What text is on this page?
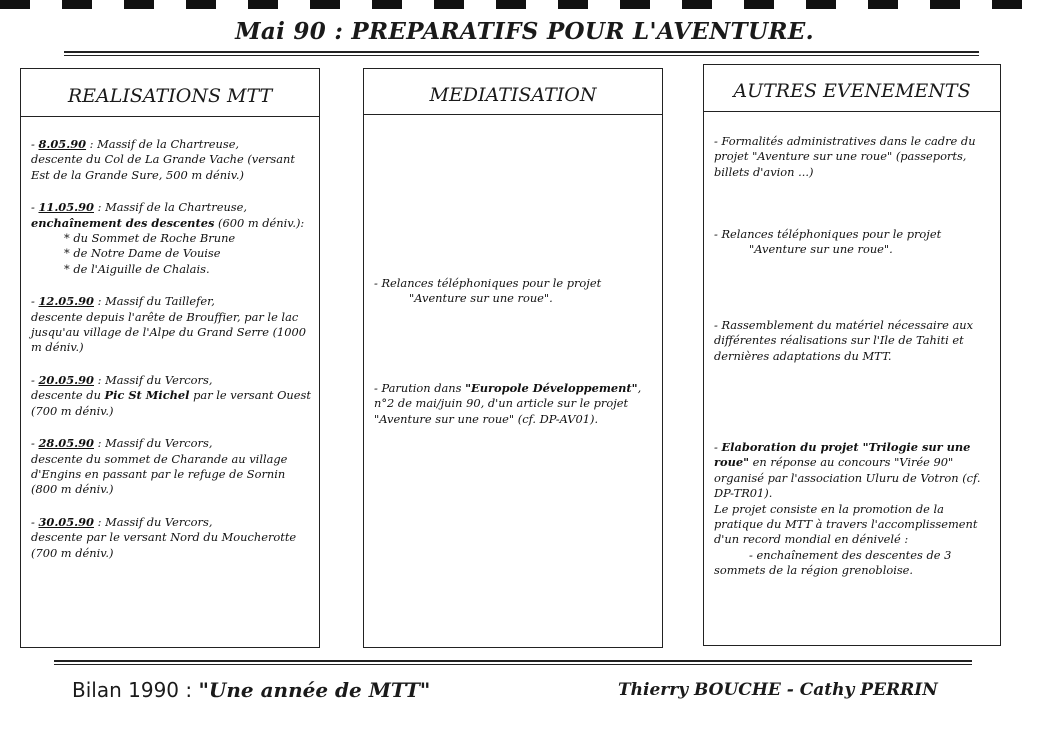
Mai 90 : PREPARATIFS POUR L'AVENTURE.
REALISATIONS MTT
- 8.05.90 : Massif de la Chartreuse,
descente du Col de La Grande Vache (versant Est de la Grande Sure, 500 m déniv.)
- 11.05.90 : Massif de la Chartreuse,
enchaînement des descentes (600 m déniv.):
* du Sommet de Roche Brune
* de Notre Dame de Vouise
* de l'Aiguille de Chalais.
- 12.05.90 : Massif du Taillefer,
descente depuis l'arête de Brouffier, par le lac jusqu'au village de l'Alpe du Grand Serre (1000 m déniv.)
- 20.05.90 : Massif du Vercors,
descente du Pic St Michel par le versant Ouest (700 m déniv.)
- 28.05.90 : Massif du Vercors,
descente du sommet de Charande au village d'Engins en passant par le refuge de Sornin (800 m déniv.)
- 30.05.90 : Massif du Vercors,
descente par le versant Nord du Moucherotte (700 m déniv.)
MEDIATISATION
- Relances téléphoniques pour le projet
"Aventure sur une roue".
- Parution dans "Europole Développement", n°2 de mai/juin 90, d'un article sur le projet "Aventure sur une roue" (cf. DP-AV01).
AUTRES EVENEMENTS
- Formalités administratives dans le cadre du projet "Aventure sur une roue" (passeports, billets d'avion ...)
- Relances téléphoniques pour le projet
"Aventure sur une roue".
- Rassemblement du matériel nécessaire aux différentes réalisations sur l'Ile de Tahiti et dernières adaptations du MTT.
- Elaboration du projet "Trilogie sur une roue" en réponse au concours "Virée 90" organisé par l'association Uluru de Votron (cf. DP-TR01).
Le projet consiste en la promotion de la pratique du MTT à travers l'accomplissement d'un record mondial en dénivelé :
- enchaînement des descentes de 3
sommets de la région grenobloise.
Bilan 1990 : "Une année de MTT"	Thierry BOUCHE - Cathy PERRIN
